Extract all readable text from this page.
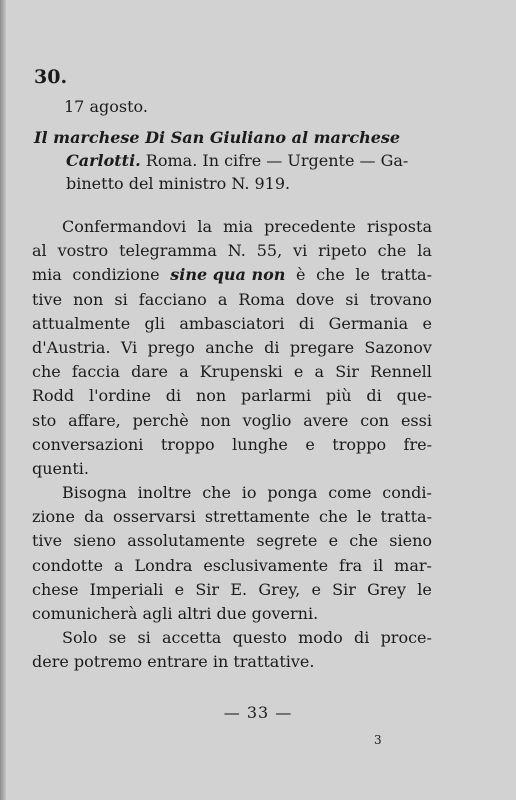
30.
17 agosto.
Il marchese Di San Giuliano al marchese
Carlotti. Roma. In cifre — Urgente — Ga-
binetto del ministro N. 919.
Confermandovi la mia precedente risposta
al vostro telegramma N. 55, vi ripeto che la
mia condizione sine qua non è che le tratta-
tive non si facciano a Roma dove si trovano
attualmente gli ambasciatori di Germania e
d'Austria. Vi prego anche di pregare Sazonov
che faccia dare a Krupenski e a Sir Rennell
Rodd l'ordine di non parlarmi più di que-
sto affare, perchè non voglio avere con essi
conversazioni troppo lunghe e troppo fre-
quenti.
Bisogna inoltre che io ponga come condi-
zione da osservarsi strettamente che le tratta-
tive sieno assolutamente segrete e che sieno
condotte a Londra esclusivamente fra il mar-
chese Imperiali e Sir E. Grey, e Sir Grey le
comunicherà agli altri due governi.
Solo se si accetta questo modo di proce-
dere potremo entrare in trattative.
— 33 —
3
